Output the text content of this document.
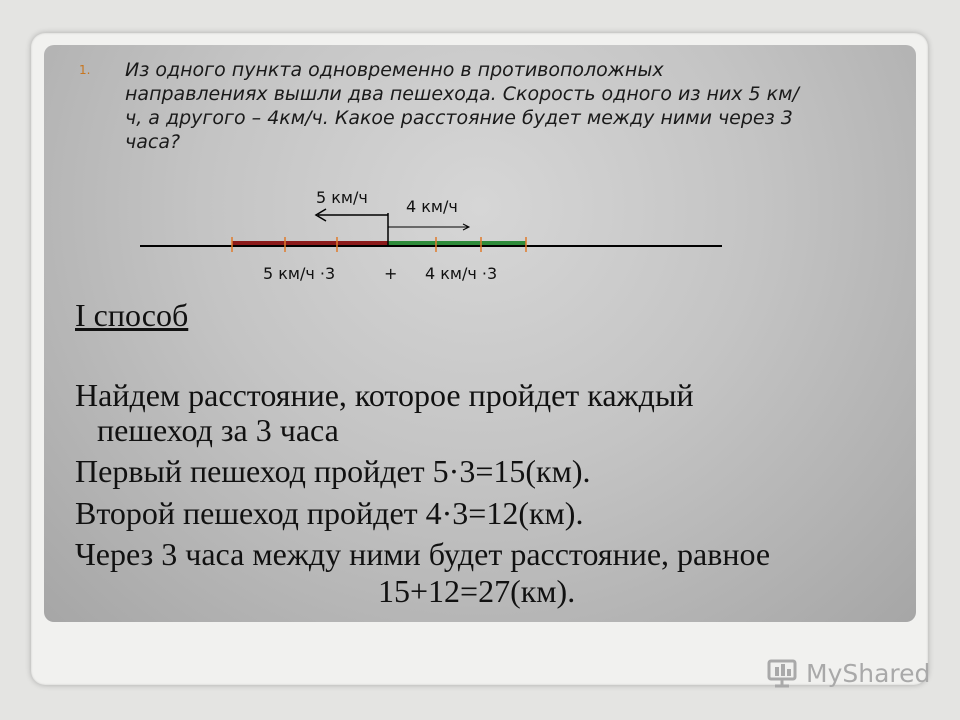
1. Из одного пункта одновременно в противоположных направлениях вышли два пешехода. Скорость одного из них 5 км/ч, а другого – 4км/ч. Какое расстояние будет между ними через 3 часа?
5 км/ч 4 км/ч
5 км/ч ·3	+ 4 км/ч ·3
I способ
Найдем расстояние, которое пройдет каждый
пешеход за 3 часа
Первый пешеход пройдет 5·3=15(км).
Второй пешеход пройдет 4·3=12(км).
Через 3 часа между ними будет расстояние, равное
15+12=27(км).
MyShared
